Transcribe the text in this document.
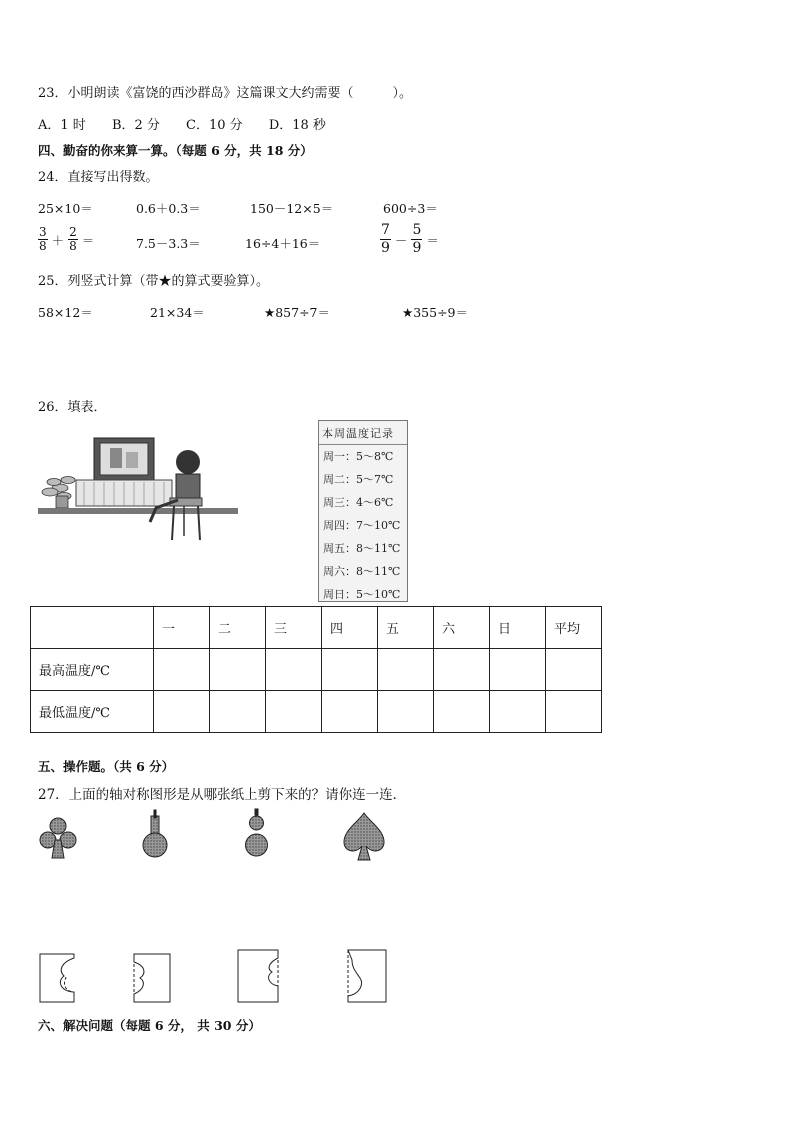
23．小明朗读《富饶的西沙群岛》这篇课文大约需要（　　　）。
A．1 时 B．2 分 C．10 分 D．18 秒
四、勤奋的你来算一算。（每题 6 分，共 18 分）
24．直接写出得数。
25×10＝	0.6＋0.3＝	150－12×5＝	600÷3＝
$\frac{3}{8} + \frac{2}{8}$ ＝	7.5－3.3＝	16÷4＋16＝	$\frac{7}{9} - \frac{5}{9}$ ＝
25．列竖式计算（带★的算式要验算）。
58×12＝	21×34＝	★857÷7＝	★355÷9＝
26．填表．
本周温度记录
周一：5～8℃
周二：5～7℃
周三：4～6℃
周四：7～10℃
周五：8～11℃
周六：8～11℃
周日：5～10℃
	一	二	三	四	五	六	日	平均
最高温度/℃								
最低温度/℃								
五、操作题。（共 6 分）
27．上面的轴对称图形是从哪张纸上剪下来的？请你连一连．
六、解决问题（每题 6 分， 共 30 分）
